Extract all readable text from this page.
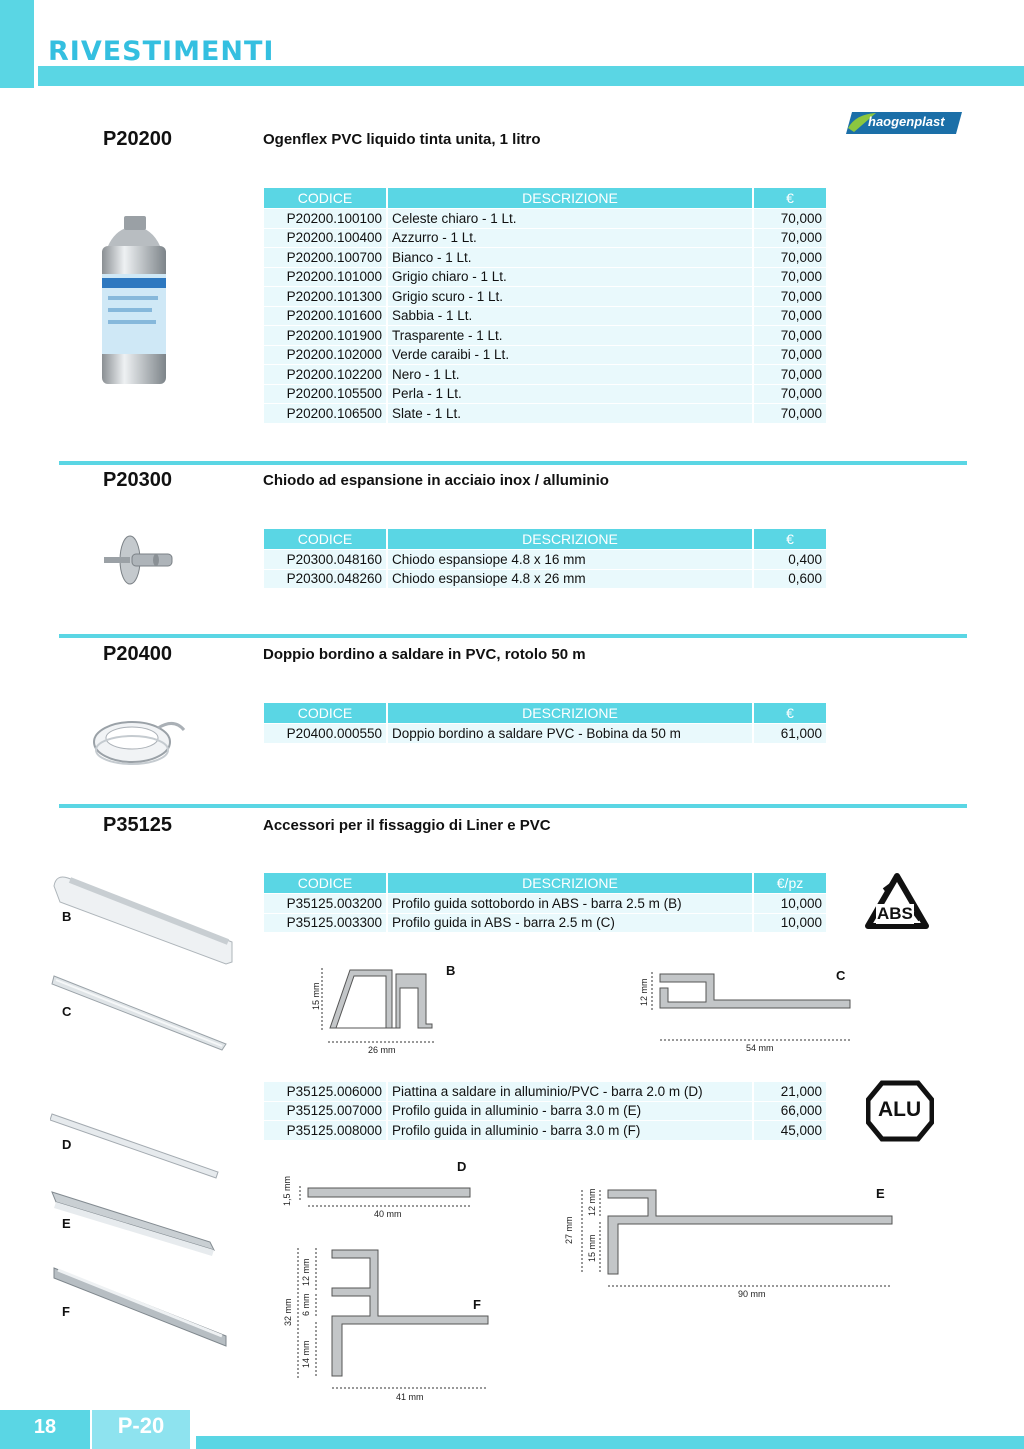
RIVESTIMENTI
haogenplast
P20200	Ogenflex PVC liquido tinta unita, 1 litro
CODICE	DESCRIZIONE	€
P20200.100100	Celeste chiaro - 1 Lt.	70,000
P20200.100400	Azzurro - 1 Lt.	70,000
P20200.100700	Bianco - 1 Lt.	70,000
P20200.101000	Grigio chiaro - 1 Lt.	70,000
P20200.101300	Grigio scuro - 1 Lt.	70,000
P20200.101600	Sabbia - 1 Lt.	70,000
P20200.101900	Trasparente - 1 Lt.	70,000
P20200.102000	Verde caraibi - 1 Lt.	70,000
P20200.102200	Nero - 1 Lt.	70,000
P20200.105500	Perla - 1 Lt.	70,000
P20200.106500	Slate - 1 Lt.	70,000
P20300	Chiodo ad espansione in acciaio inox / alluminio
CODICE	DESCRIZIONE	€
P20300.048160	Chiodo espansiope 4.8 x 16 mm	0,400
P20300.048260	Chiodo espansiope 4.8 x 26 mm	0,600
P20400	Doppio bordino a saldare in PVC, rotolo 50 m
CODICE	DESCRIZIONE	€
P20400.000550	Doppio bordino a saldare PVC - Bobina da 50 m	61,000
P35125	Accessori per il fissaggio di Liner e PVC
CODICE	DESCRIZIONE	€/pz
P35125.003200	Profilo guida sottobordo in ABS - barra 2.5 m (B)	10,000
P35125.003300	Profilo guida in ABS - barra 2.5 m (C)	10,000
P35125.006000	Piattina a saldare in alluminio/PVC - barra 2.0 m (D)	21,000
P35125.007000	Profilo guida in alluminio - barra 3.0 m (E)	66,000
P35125.008000	Profilo guida in alluminio - barra 3.0 m (F)	45,000
ABS
ALU
B
C
D
E
F
15 mm
26 mm
B
12 mm
54 mm
C
1,5 mm
40 mm
D
27 mm
12 mm
15 mm
90 mm
E
32 mm
12 mm
6 mm
14 mm
41 mm
F
18	P-20
